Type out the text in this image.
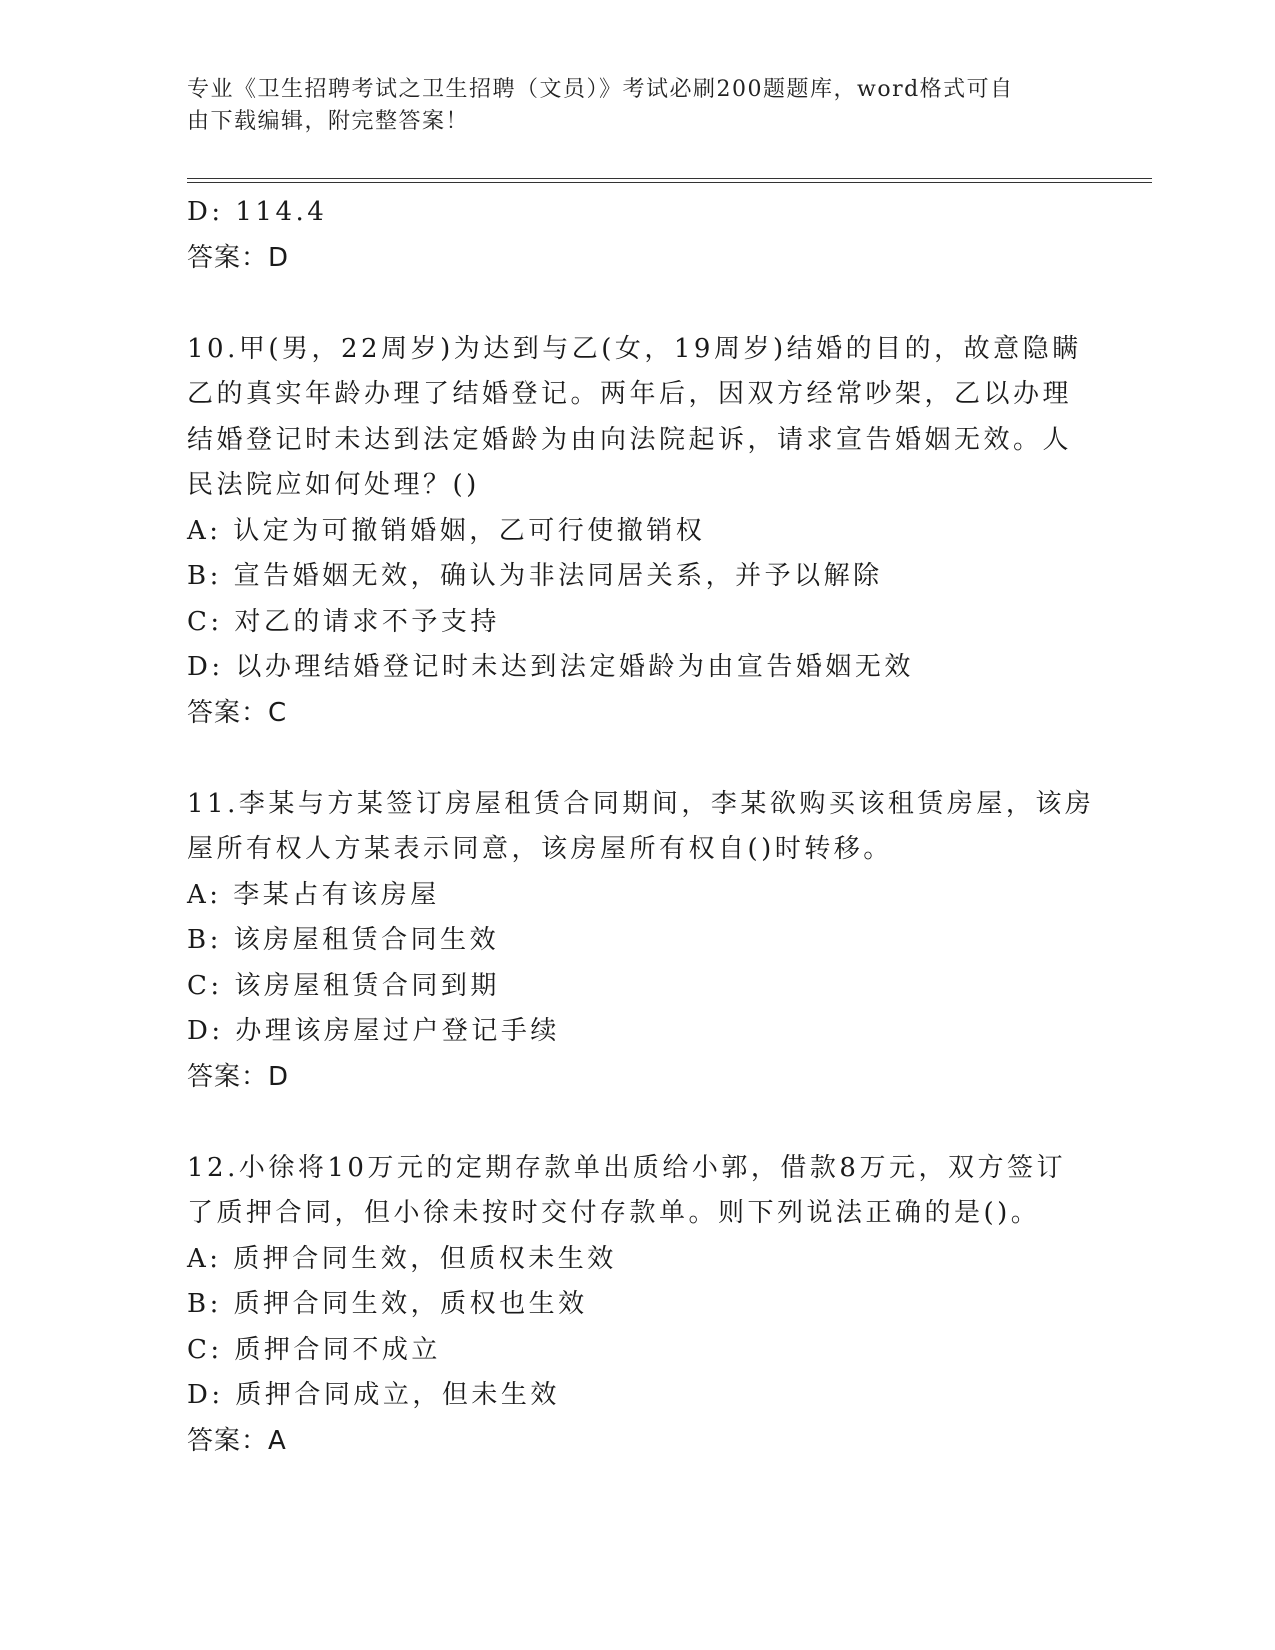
专业《卫生招聘考试之卫生招聘（文员）》考试必刷200题题库，word格式可自
由下载编辑，附完整答案！
D: 114.4
答案：D
10.甲(男，22周岁)为达到与乙(女，19周岁)结婚的目的，故意隐瞒
乙的真实年龄办理了结婚登记。两年后，因双方经常吵架，乙以办理
结婚登记时未达到法定婚龄为由向法院起诉，请求宣告婚姻无效。人
民法院应如何处理？()
A: 认定为可撤销婚姻，乙可行使撤销权
B: 宣告婚姻无效，确认为非法同居关系，并予以解除
C: 对乙的请求不予支持
D: 以办理结婚登记时未达到法定婚龄为由宣告婚姻无效
答案：C
11.李某与方某签订房屋租赁合同期间，李某欲购买该租赁房屋，该房
屋所有权人方某表示同意，该房屋所有权自()时转移。
A: 李某占有该房屋
B: 该房屋租赁合同生效
C: 该房屋租赁合同到期
D: 办理该房屋过户登记手续
答案：D
12.小徐将10万元的定期存款单出质给小郭，借款8万元，双方签订
了质押合同，但小徐未按时交付存款单。则下列说法正确的是()。
A: 质押合同生效，但质权未生效
B: 质押合同生效，质权也生效
C: 质押合同不成立
D: 质押合同成立，但未生效
答案：A
